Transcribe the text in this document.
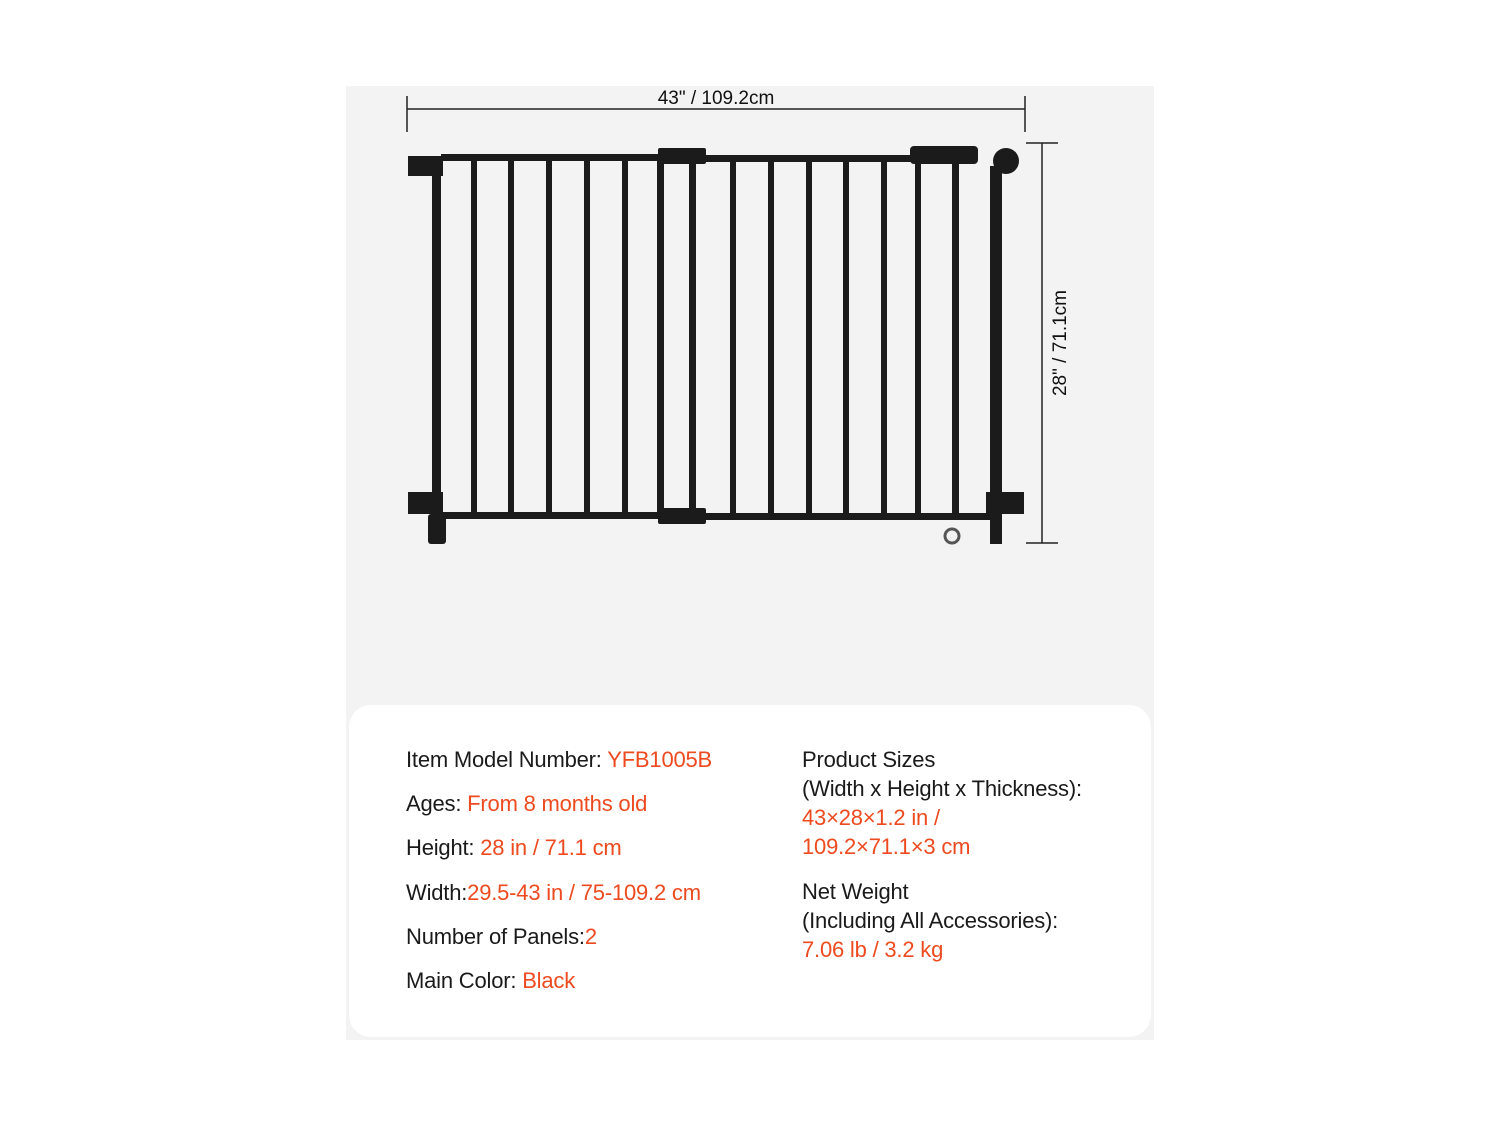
43" / 109.2cm
28" / 71.1cm
Item Model Number: YFB1005B
Ages: From 8 months old
Height: 28 in / 71.1 cm
Width:29.5-43 in / 75-109.2 cm
Number of Panels:2
Main Color: Black
Product Sizes
(Width x Height x Thickness):
43×28×1.2 in /
109.2×71.1×3 cm
Net Weight
(Including All Accessories):
7.06 lb / 3.2 kg
